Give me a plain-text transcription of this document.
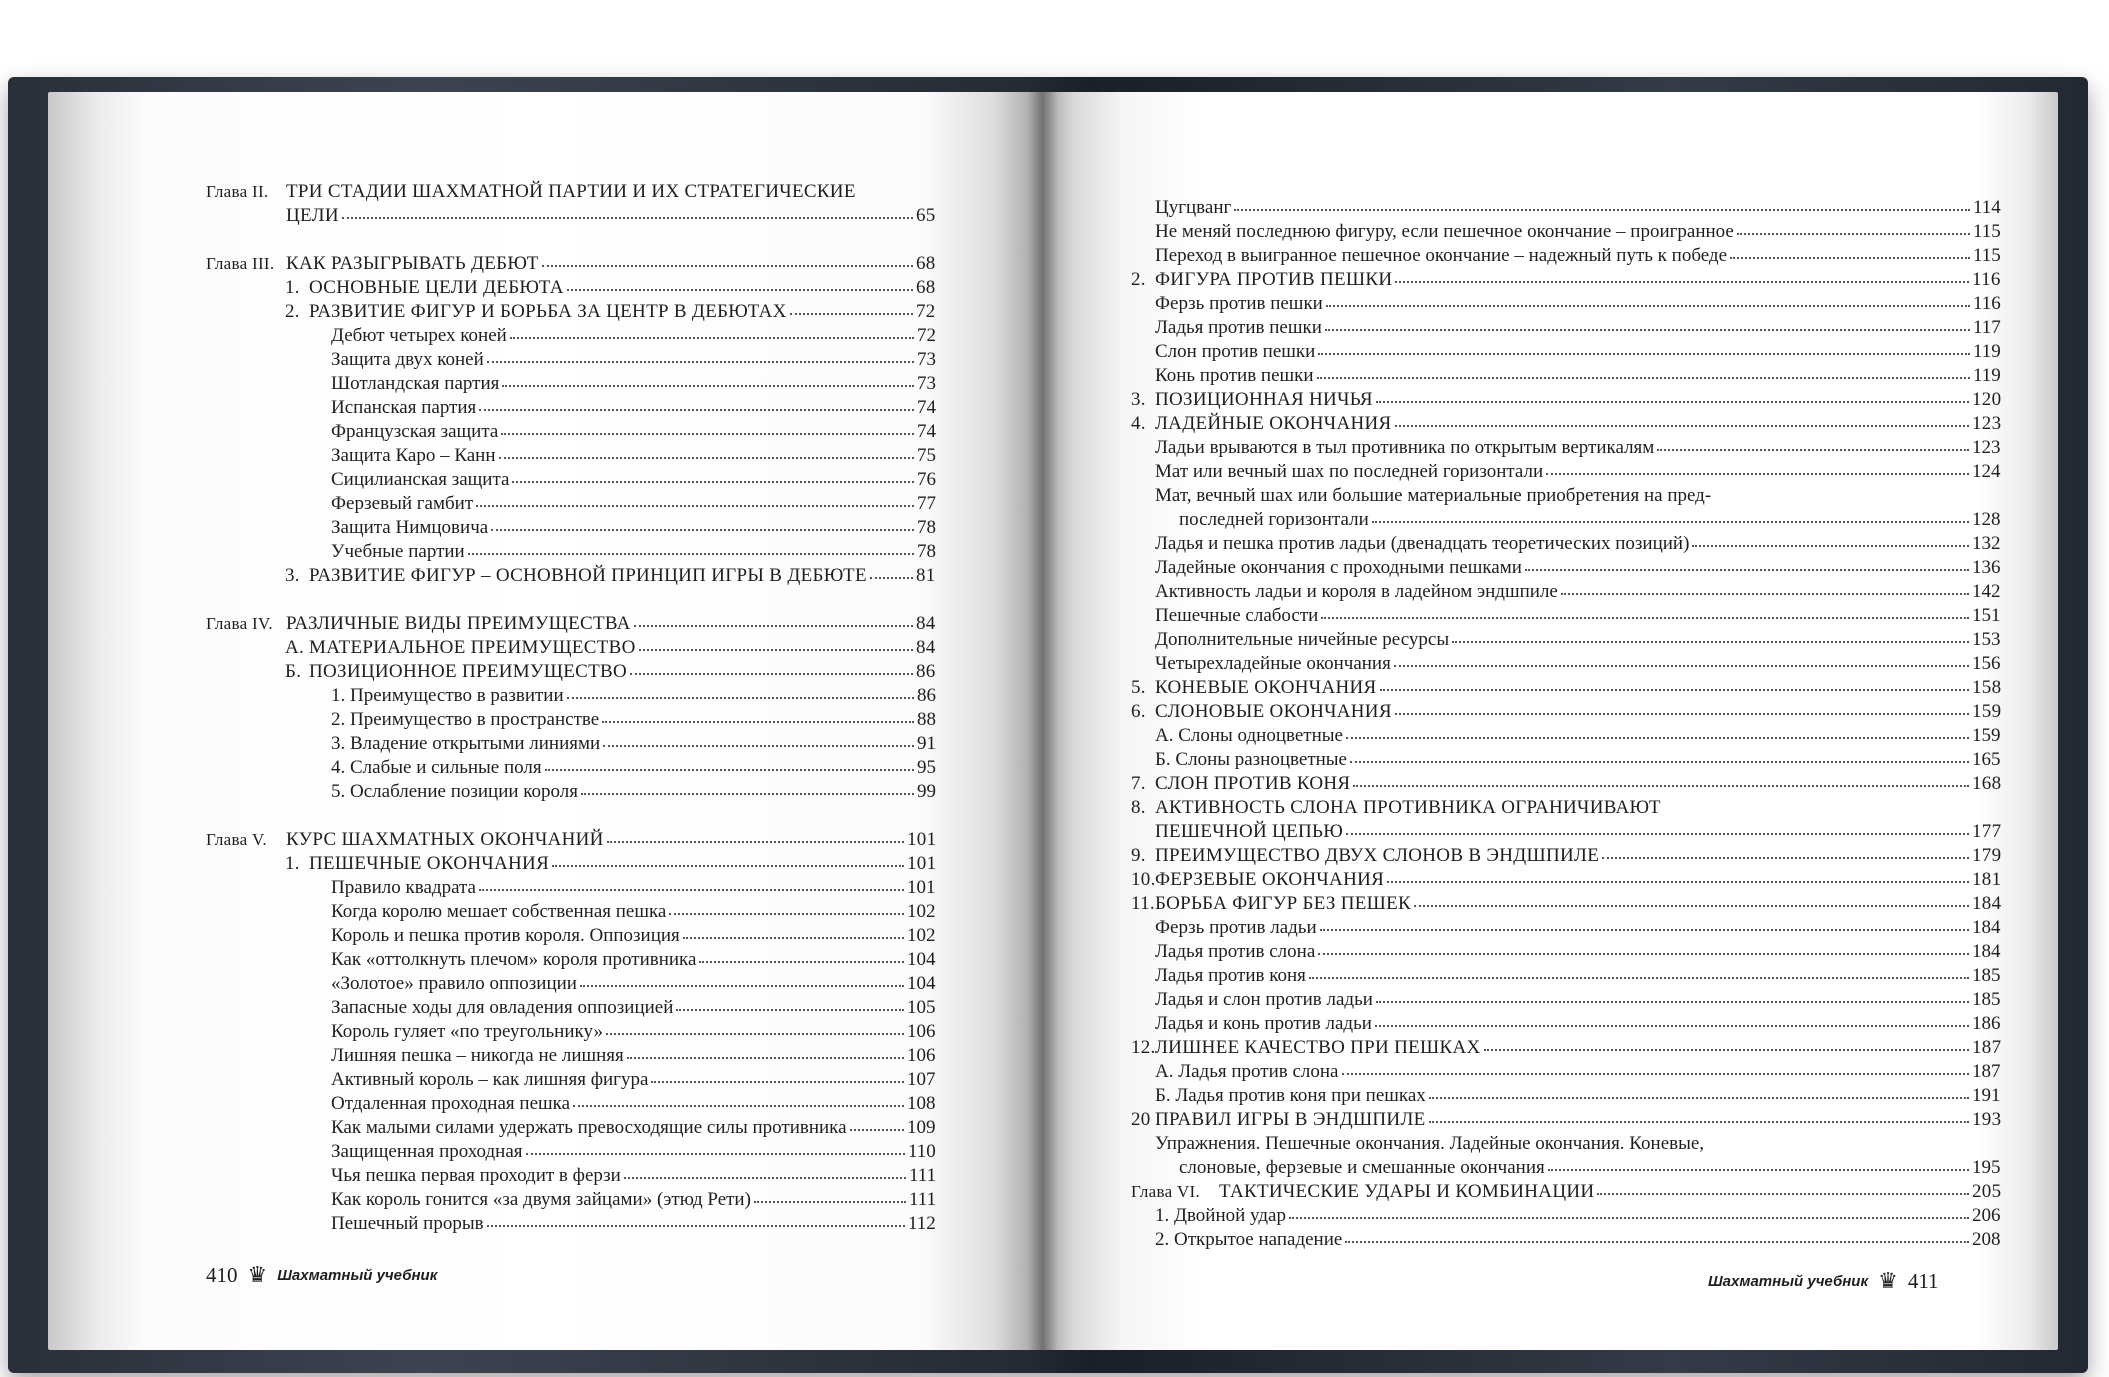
Глава II. ТРИ СТАДИИ ШАХМАТНОЙ ПАРТИИ И ИХ СТРАТЕГИЧЕСКИЕ
ЦЕЛИ	65
Глава III. КАК РАЗЫГРЫВАТЬ ДЕБЮТ	68
1. ОСНОВНЫЕ ЦЕЛИ ДЕБЮТА	68
2. РАЗВИТИЕ ФИГУР И БОРЬБА ЗА ЦЕНТР В ДЕБЮТАХ	72
Дебют четырех коней	72
Защита двух коней	73
Шотландская партия	73
Испанская партия	74
Французская защита	74
Защита Каро – Канн	75
Сицилианская защита	76
Ферзевый гамбит	77
Защита Нимцовича	78
Учебные партии	78
3. РАЗВИТИЕ ФИГУР – ОСНОВНОЙ ПРИНЦИП ИГРЫ В ДЕБЮТЕ	81
Глава IV. РАЗЛИЧНЫЕ ВИДЫ ПРЕИМУЩЕСТВА	84
А. МАТЕРИАЛЬНОЕ ПРЕИМУЩЕСТВО	84
Б. ПОЗИЦИОННОЕ ПРЕИМУЩЕСТВО	86
1. Преимущество в развитии	86
2. Преимущество в пространстве	88
3. Владение открытыми линиями	91
4. Слабые и сильные поля	95
5. Ослабление позиции короля	99
Глава V. КУРС ШАХМАТНЫХ ОКОНЧАНИЙ	101
1. ПЕШЕЧНЫЕ ОКОНЧАНИЯ	101
Правило квадрата	101
Когда королю мешает собственная пешка	102
Король и пешка против короля. Оппозиция	102
Как «оттолкнуть плечом» короля противника	104
«Золотое» правило оппозиции	104
Запасные ходы для овладения оппозицией	105
Король гуляет «по треугольнику»	106
Лишняя пешка – никогда не лишняя	106
Активный король – как лишняя фигура	107
Отдаленная проходная пешка	108
Как малыми силами удержать превосходящие силы противника	109
Защищенная проходная	110
Чья пешка первая проходит в ферзи	111
Как король гонится «за двумя зайцами» (этюд Рети)	111
Пешечный прорыв	112
410 ♛ Шахматный учебник
Цугцванг	114
Не меняй последнюю фигуру, если пешечное окончание – проигранное	115
Переход в выигранное пешечное окончание – надежный путь к победе	115
2. ФИГУРА ПРОТИВ ПЕШКИ	116
Ферзь против пешки	116
Ладья против пешки	117
Слон против пешки	119
Конь против пешки	119
3. ПОЗИЦИОННАЯ НИЧЬЯ	120
4. ЛАДЕЙНЫЕ ОКОНЧАНИЯ	123
Ладьи врываются в тыл противника по открытым вертикалям	123
Мат или вечный шах по последней горизонтали	124
Мат, вечный шах или большие материальные приобретения на пред-
последней горизонтали	128
Ладья и пешка против ладьи (двенадцать теоретических позиций)	132
Ладейные окончания с проходными пешками	136
Активность ладьи и короля в ладейном эндшпиле	142
Пешечные слабости	151
Дополнительные ничейные ресурсы	153
Четырехладейные окончания	156
5. КОНЕВЫЕ ОКОНЧАНИЯ	158
6. СЛОНОВЫЕ ОКОНЧАНИЯ	159
А. Слоны одноцветные	159
Б. Слоны разноцветные	165
7. СЛОН ПРОТИВ КОНЯ	168
8. АКТИВНОСТЬ СЛОНА ПРОТИВНИКА ОГРАНИЧИВАЮТ
ПЕШЕЧНОЙ ЦЕПЬЮ	177
9. ПРЕИМУЩЕСТВО ДВУХ СЛОНОВ В ЭНДШПИЛЕ	179
10. ФЕРЗЕВЫЕ ОКОНЧАНИЯ	181
11. БОРЬБА ФИГУР БЕЗ ПЕШЕК	184
Ферзь против ладьи	184
Ладья против слона	184
Ладья против коня	185
Ладья и слон против ладьи	185
Ладья и конь против ладьи	186
12. ЛИШНЕЕ КАЧЕСТВО ПРИ ПЕШКАХ	187
А. Ладья против слона	187
Б. Ладья против коня при пешках	191
20 ПРАВИЛ ИГРЫ В ЭНДШПИЛЕ	193
Упражнения. Пешечные окончания. Ладейные окончания. Коневые,
слоновые, ферзевые и смешанные окончания	195
Глава VI. ТАКТИЧЕСКИЕ УДАРЫ И КОМБИНАЦИИ	205
1. Двойной удар	206
2. Открытое нападение	208
Шахматный учебник ♛ 411
